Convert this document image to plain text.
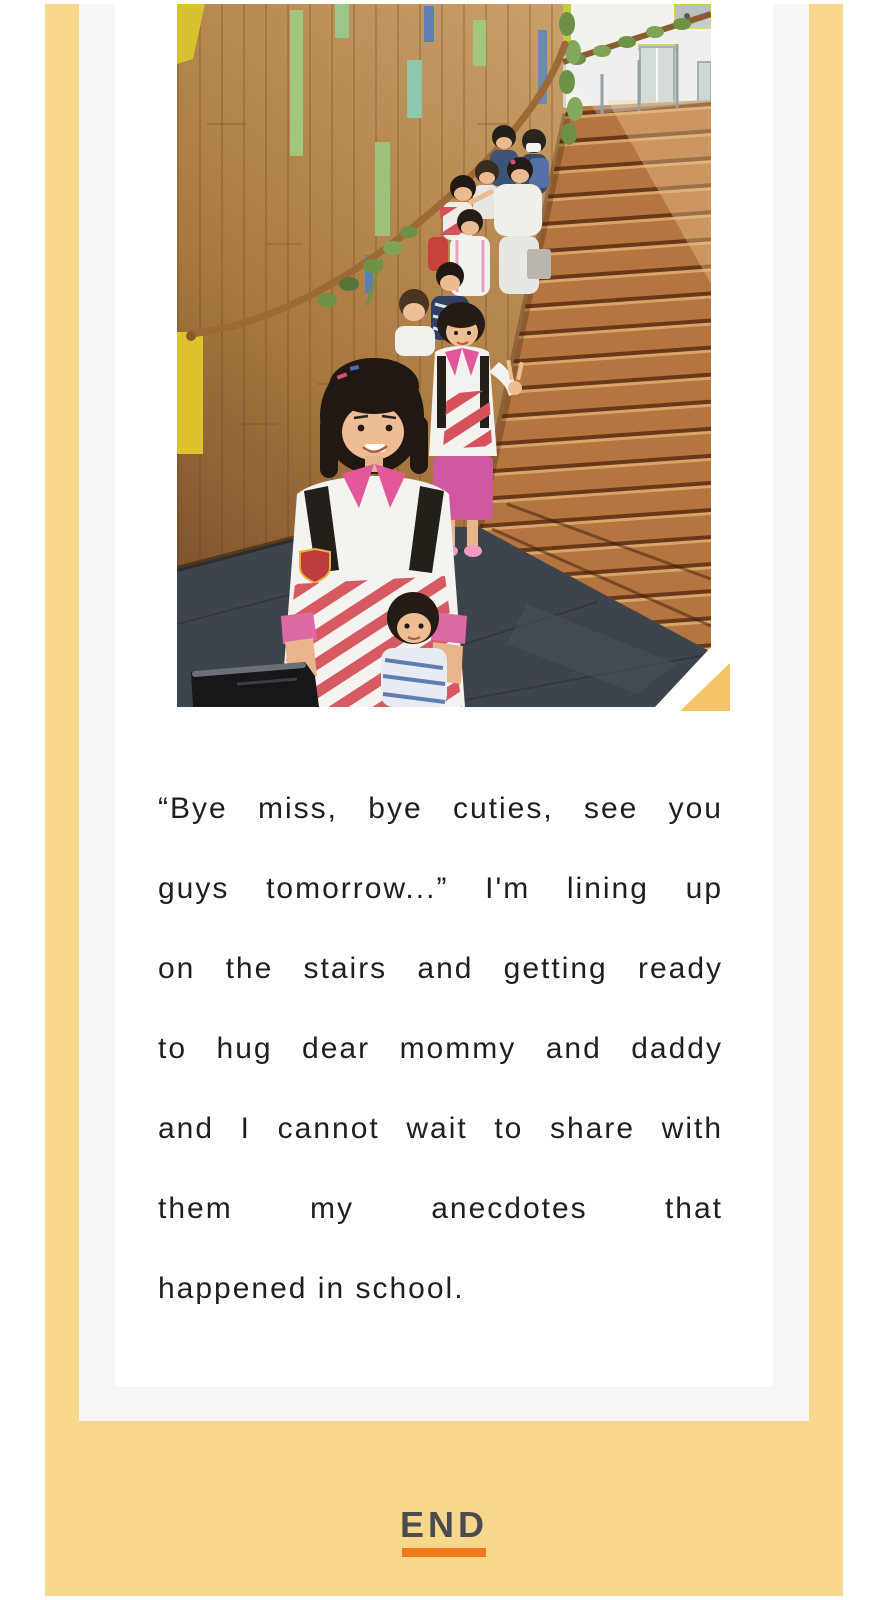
“Bye miss, bye cuties, see you
guys tomorrow...” I'm lining up
on the stairs and getting ready
to hug dear mommy and daddy
and I cannot wait to share with
them my anecdotes that
happened in school.
END
